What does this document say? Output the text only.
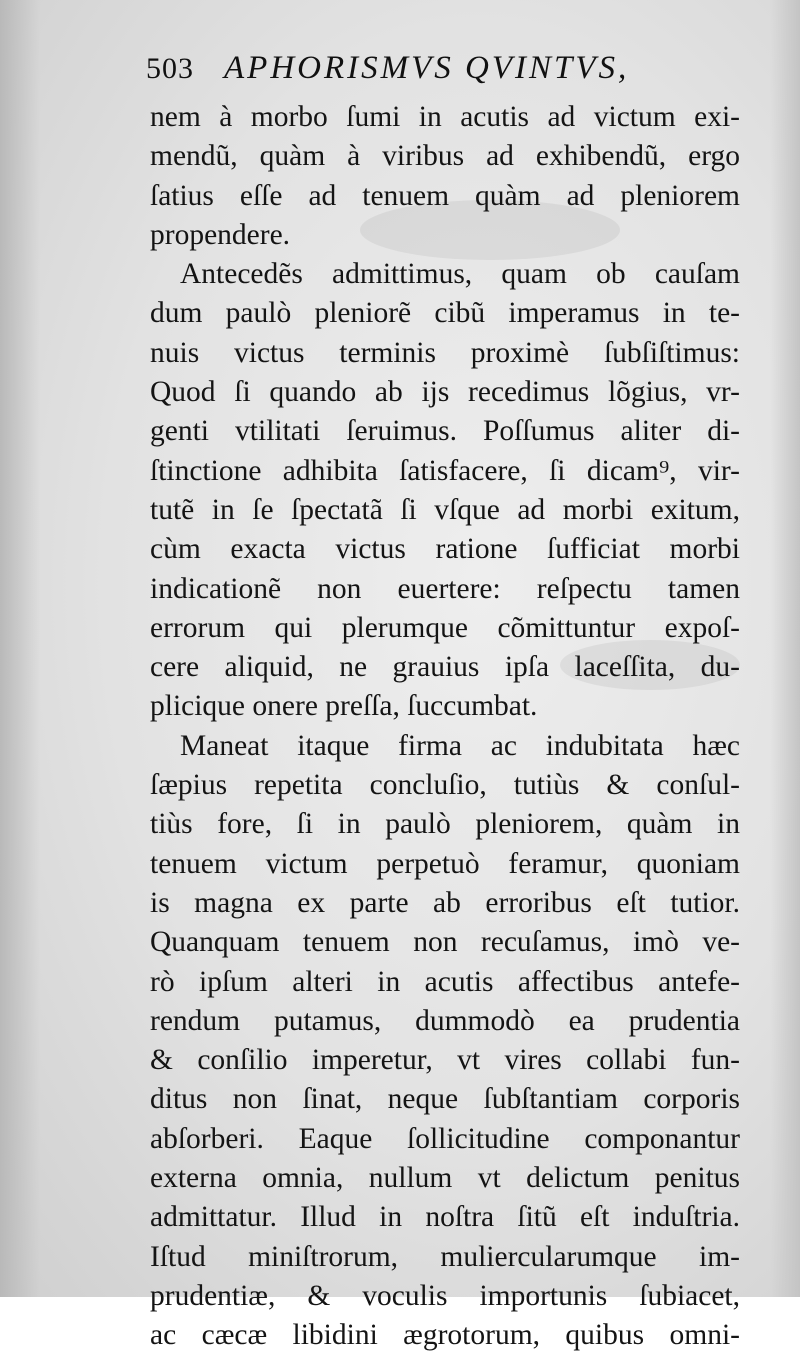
503 APHORISMVS QVINTVS,
nem à morbo ſumi in acutis ad victum exi-
mendũ, quàm à viribus ad exhibendũ, ergo
ſatius eſſe ad tenuem quàm ad pleniorem
propendere.
Antecedẽs admittimus, quam ob cauſam
dum paulò pleniorẽ cibũ imperamus in te-
nuis victus terminis proximè ſubſiſtimus:
Quod ſi quando ab ijs recedimus lõgius, vr-
genti vtilitati ſeruimus. Poſſumus aliter di-
ſtinctione adhibita ſatisfacere, ſi dicam⁹, vir-
tutẽ in ſe ſpectatã ſi vſque ad morbi exitum,
cùm exacta victus ratione ſufficiat morbi
indicationẽ non euertere: reſpectu tamen
errorum qui plerumque cõmittuntur expoſ-
cere aliquid, ne grauius ipſa laceſſita, du-
plicique onere preſſa, ſuccumbat.
Maneat itaque firma ac indubitata hæc
ſæpius repetita concluſio, tutiùs & conſul-
tiùs fore, ſi in paulò pleniorem, quàm in
tenuem victum perpetuò feramur, quoniam
is magna ex parte ab erroribus eſt tutior.
Quanquam tenuem non recuſamus, imò ve-
rò ipſum alteri in acutis affectibus antefe-
rendum putamus, dummodò ea prudentia
& conſilio imperetur, vt vires collabi fun-
ditus non ſinat, neque ſubſtantiam corporis
abſorberi. Eaque ſollicitudine componantur
externa omnia, nullum vt delictum penitus
admittatur. Illud in noſtra ſitũ eſt induſtria.
Iſtud miniſtrorum, muliercularumque im-
prudentiæ, & voculis importunis ſubiacet,
ac cæcæ libidini ægrotorum, quibus omni-
